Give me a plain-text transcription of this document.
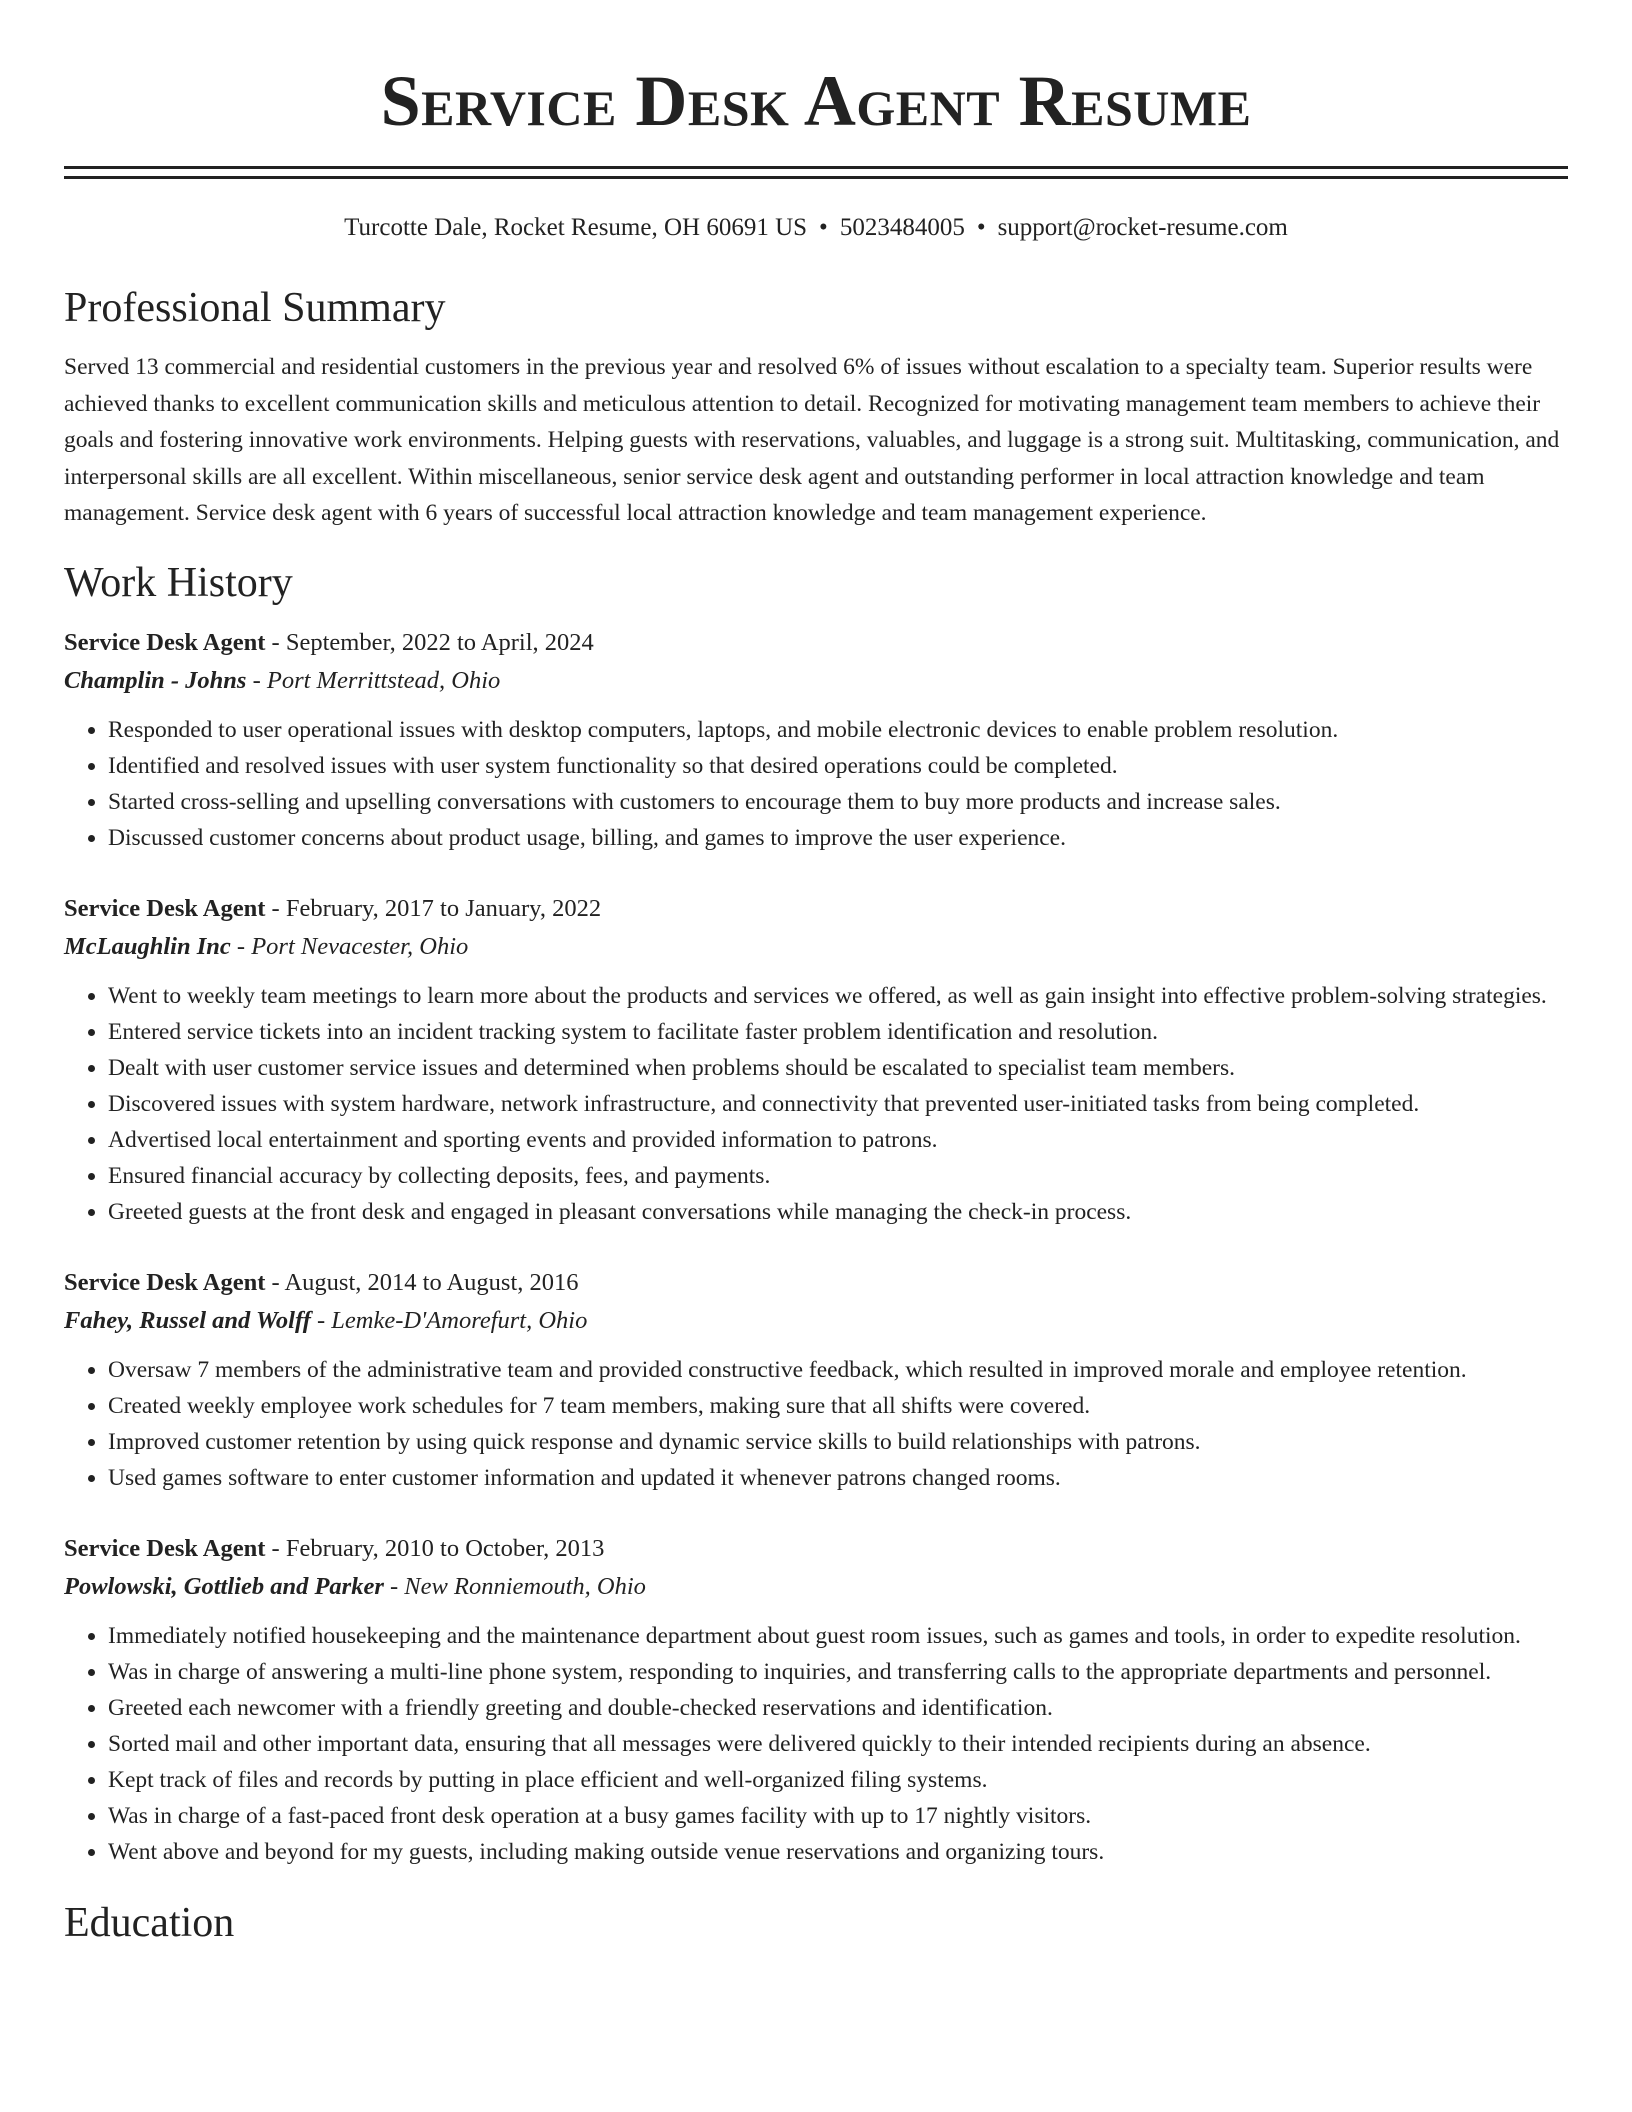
Service Desk Agent Resume
Turcotte Dale, Rocket Resume, OH 60691 US • 5023484005 • support@rocket-resume.com
Professional Summary

Served 13 commercial and residential customers in the previous year and resolved 6% of issues without escalation to a specialty team. Superior results were achieved thanks to excellent communication skills and meticulous attention to detail. Recognized for motivating management team members to achieve their goals and fostering innovative work environments. Helping guests with reservations, valuables, and luggage is a strong suit. Multitasking, communication, and interpersonal skills are all excellent. Within miscellaneous, senior service desk agent and outstanding performer in local attraction knowledge and team management. Service desk agent with 6 years of successful local attraction knowledge and team management experience.

Work History
Service Desk Agent - September, 2022 to April, 2024
Champlin - Johns - Port Merrittstead, Ohio
• Responded to user operational issues with desktop computers, laptops, and mobile electronic devices to enable problem resolution.
• Identified and resolved issues with user system functionality so that desired operations could be completed.
• Started cross-selling and upselling conversations with customers to encourage them to buy more products and increase sales.
• Discussed customer concerns about product usage, billing, and games to improve the user experience.
Service Desk Agent - February, 2017 to January, 2022
McLaughlin Inc - Port Nevacester, Ohio
• Went to weekly team meetings to learn more about the products and services we offered, as well as gain insight into effective problem-solving strategies.
• Entered service tickets into an incident tracking system to facilitate faster problem identification and resolution.
• Dealt with user customer service issues and determined when problems should be escalated to specialist team members.
• Discovered issues with system hardware, network infrastructure, and connectivity that prevented user-initiated tasks from being completed.
• Advertised local entertainment and sporting events and provided information to patrons.
• Ensured financial accuracy by collecting deposits, fees, and payments.
• Greeted guests at the front desk and engaged in pleasant conversations while managing the check-in process.
Service Desk Agent - August, 2014 to August, 2016
Fahey, Russel and Wolff - Lemke-D'Amorefurt, Ohio
• Oversaw 7 members of the administrative team and provided constructive feedback, which resulted in improved morale and employee retention.
• Created weekly employee work schedules for 7 team members, making sure that all shifts were covered.
• Improved customer retention by using quick response and dynamic service skills to build relationships with patrons.
• Used games software to enter customer information and updated it whenever patrons changed rooms.
Service Desk Agent - February, 2010 to October, 2013
Powlowski, Gottlieb and Parker - New Ronniemouth, Ohio
• Immediately notified housekeeping and the maintenance department about guest room issues, such as games and tools, in order to expedite resolution.
• Was in charge of answering a multi-line phone system, responding to inquiries, and transferring calls to the appropriate departments and personnel.
• Greeted each newcomer with a friendly greeting and double-checked reservations and identification.
• Sorted mail and other important data, ensuring that all messages were delivered quickly to their intended recipients during an absence.
• Kept track of files and records by putting in place efficient and well-organized filing systems.
• Was in charge of a fast-paced front desk operation at a busy games facility with up to 17 nightly visitors.
• Went above and beyond for my guests, including making outside venue reservations and organizing tours.
Education
